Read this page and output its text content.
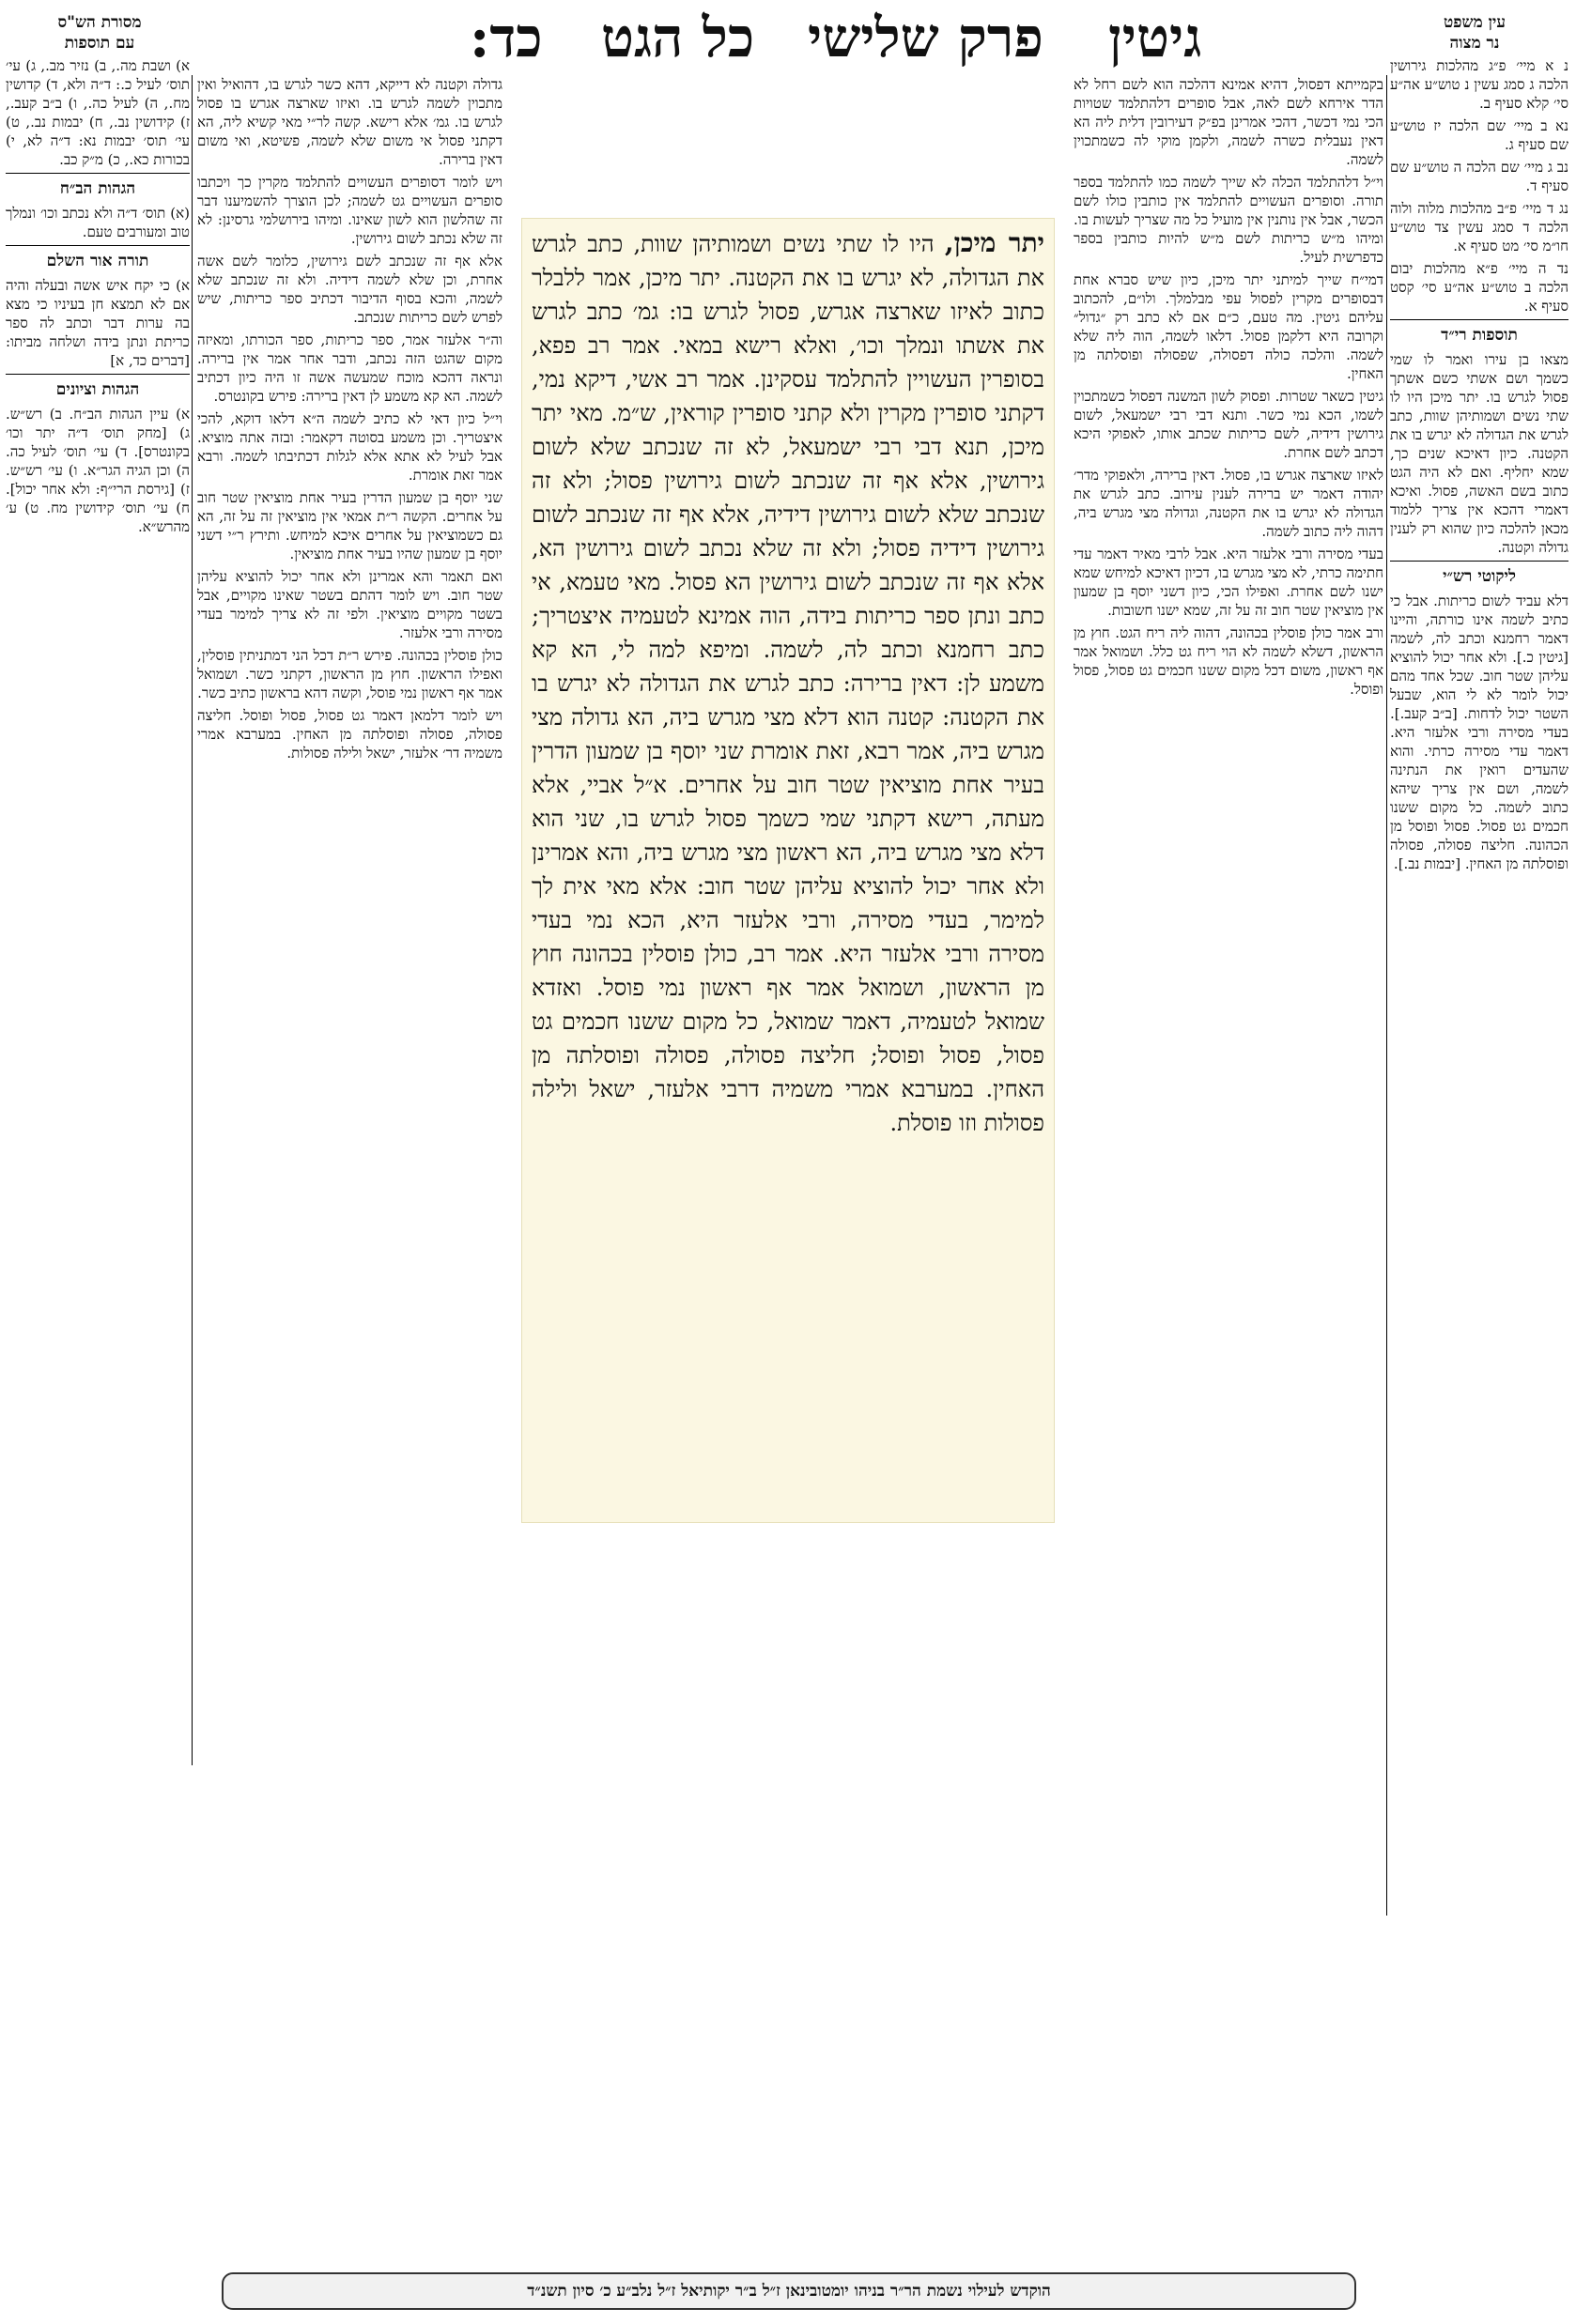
כד: כל הגט פרק שלישי גיטין	עין משפט
נר מצוה
מסורת הש"ס
עם תוספות

בקמייתא דפסול, דהיא אמינא דהלכה הוא לשם רחל לא הדר אירחא לשם לאה, אבל סופרים דלהתלמד שטויות הכי נמי דכשר, דהכי אמרינן בפ״ק דעירובין דלית ליה הא דאין נעבלית כשרה לשמה, ולקמן מוקי לה כשמתכוין לשמה.

וי״ל דלהתלמד הכלה לא שייך לשמה כמו להתלמד בספר תורה. וסופרים העשויים להתלמד אין כותבין כולו לשם הכשר, אבל אין נותנין אין מועיל כל מה שצריך לעשות בו. ומיהו מ״ש כריתות לשם מ״ש להיות כותבין בספר כדפרשית לעיל.

דמי״ח שייך למיתני יתר מיכן, כיון שיש סברא אחת דבסופרים מקרין לפסול עפי מבלמלך. ולו״ם, להכתוב עליהם גיטין. מה טעם, כ״ם אם לא כתב רק ״גדול״ וקרובה היא דלקמן פסול. דלאו לשמה, הוה ליה שלא לשמה. והלכה כולה דפסולה, שפסולה ופוסלתה מן האחין.

גיטין כשאר שטרות. ופסוק לשון המשנה דפסול כשמתכוין לשמו, הכא נמי כשר. ותנא דבי רבי ישמעאל, לשום גירושין דידיה, לשם כריתות שכתב אותו, לאפוקי היכא דכתב לשם אחרת.

לאיזו שארצה אגרש בו, פסול. דאין ברירה, ולאפוקי מדר׳ יהודה דאמר יש ברירה לענין עירוב. כתב לגרש את הגדולה לא יגרש בו את הקטנה, וגדולה מצי מגרש ביה, דהוה ליה כתוב לשמה.

בעדי מסירה ורבי אלעזר היא. אבל לרבי מאיר דאמר עדי חתימה כרתי, לא מצי מגרש בו, דכיון דאיכא למיחש שמא ישנו לשם אחרת. ואפילו הכי, כיון דשני יוסף בן שמעון אין מוציאין שטר חוב זה על זה, שמא ישנו חשובות.

ורב אמר כולן פוסלין בכהונה, דהוה ליה ריח הגט. חוץ מן הראשון, דשלא לשמה לא הוי ריח גט כלל. ושמואל אמר אף ראשון, משום דכל מקום ששנו חכמים גט פסול, פסול ופוסל.

גדולה וקטנה לא דייקא, דהא כשר לגרש בו, דהואיל ואין מתכוין לשמה לגרש בו. ואיזו שארצה אגרש בו פסול לגרש בו. גמ׳ אלא רישא. קשה לר״י מאי קשיא ליה, הא דקתני פסול אי משום שלא לשמה, פשיטא, ואי משום דאין ברירה.

ויש לומר דסופרים העשויים להתלמד מקרין כך ויכתבו סופרים העשויים גט לשמה; לכן הוצרך להשמיענו דבר זה שהלשון הוא לשון שאינו. ומיהו בירושלמי גרסינן: לא זה שלא נכתב לשום גירושין.

אלא אף זה שנכתב לשם גירושין, כלומר לשם אשה אחרת, וכן שלא לשמה דידיה. ולא זה שנכתב שלא לשמה, והכא בסוף הדיבור דכתיב ספר כריתות, שיש לפרש לשם כריתות שנכתב.

וה״ר אלעזר אמר, ספר כריתות, ספר הכורתו, ומאיזה מקום שהגט הזה נכתב, ודבר אחר אמר אין ברירה. ונראה דהכא מוכח שמעשה אשה זו היה כיון דכתיב לשמה. הא קא משמע לן דאין ברירה: פירש בקונטרס.

וי״ל כיון דאי לא כתיב לשמה ה״א דלאו דוקא, להכי איצטריך. וכן משמע בסוטה דקאמר: ובזה אתה מוציא. אבל לעיל לא אתא אלא לגלות דכתיבתו לשמה. ורבא אמר זאת אומרת.

שני יוסף בן שמעון הדרין בעיר אחת מוציאין שטר חוב על אחרים. הקשה ר״ת אמאי אין מוציאין זה על זה, הא גם כשמוציאין על אחרים איכא למיחש. ותירץ ר״י דשני יוסף בן שמעון שהיו בעיר אחת מוציאין.

ואם תאמר והא אמרינן ולא אחר יכול להוציא עליהן שטר חוב. ויש לומר דהתם בשטר שאינו מקויים, אבל בשטר מקויים מוציאין. ולפי זה לא צריך למימר בעדי מסירה ורבי אלעזר.

כולן פוסלין בכהונה. פירש ר״ת דכל הני דמתניתין פוסלין, ואפילו הראשון. חוץ מן הראשון, דקתני כשר. ושמואל אמר אף ראשון נמי פוסל, וקשה דהא בראשון כתיב כשר.

ויש לומר דלמאן דאמר גט פסול, פסול ופוסל. חליצה פסולה, פסולה ופוסלתה מן האחין. במערבא אמרי משמיה דר׳ אלעזר, ישאל ולילה פסולות.

יתר מיכן, היו לו שתי נשים ושמותיהן שוות, כתב לגרש את הגדולה, לא יגרש בו את הקטנה. יתר מיכן, אמר ללבלר כתוב לאיזו שארצה אגרש, פסול לגרש בו: גמ׳ כתב לגרש את אשתו ונמלך וכו׳, ואלא רישא במאי. אמר רב פפא, בסופרין העשויין להתלמד עסקינן. אמר רב אשי, דיקא נמי, דקתני סופרין מקרין ולא קתני סופרין קוראין, ש״מ. מאי יתר מיכן, תנא דבי רבי ישמעאל, לא זה שנכתב שלא לשום גירושין, אלא אף זה שנכתב לשום גירושין פסול; ולא זה שנכתב שלא לשום גירושין דידיה, אלא אף זה שנכתב לשום גירושין דידיה פסול; ולא זה שלא נכתב לשום גירושין הא, אלא אף זה שנכתב לשום גירושין הא פסול. מאי טעמא, אי כתב ונתן ספר כריתות בידה, הוה אמינא לטעמיה איצטריך; כתב רחמנא וכתב לה, לשמה. ומיפא למה לי, הא קא משמע לן: דאין ברירה: כתב לגרש את הגדולה לא יגרש בו את הקטנה: קטנה הוא דלא מצי מגרש ביה, הא גדולה מצי מגרש ביה, אמר רבא, זאת אומרת שני יוסף בן שמעון הדרין בעיר אחת מוציאין שטר חוב על אחרים. א״ל אביי, אלא מעתה, רישא דקתני שמי כשמך פסול לגרש בו, שני הוא דלא מצי מגרש ביה, הא ראשון מצי מגרש ביה, והא אמרינן ולא אחר יכול להוציא עליהן שטר חוב: אלא מאי אית לך למימר, בעדי מסירה, ורבי אלעזר היא, הכא נמי בעדי מסירה ורבי אלעזר היא. אמר רב, כולן פוסלין בכהונה חוץ מן הראשון, ושמואל אמר אף ראשון נמי פוסל. ואזדא שמואל לטעמיה, דאמר שמואל, כל מקום ששנו חכמים גט פסול, פסול ופוסל; חליצה פסולה, פסולה ופוסלתה מן האחין. במערבא אמרי משמיה דרבי אלעזר, ישאל ולילה פסולות וזו פוסלת.

נ א מיי׳ פ״ג מהלכות גירושין הלכה ג סמג עשין נ טוש״ע אה״ע סי׳ קלא סעיף ב.

נא ב מיי׳ שם הלכה יז טוש״ע שם סעיף ג.

נב ג מיי׳ שם הלכה ה טוש״ע שם סעיף ד.

נג ד מיי׳ פ״ב מהלכות מלוה ולוה הלכה ד סמג עשין צד טוש״ע חו״מ סי׳ מט סעיף א.

נד ה מיי׳ פ״א מהלכות יבום הלכה ב טוש״ע אה״ע סי׳ קסט סעיף א.

תוספות רי״ד

מצאו בן עירו ואמר לו שמי כשמך ושם אשתי כשם אשתך פסול לגרש בו. יתר מיכן היו לו שתי נשים ושמותיהן שוות, כתב לגרש את הגדולה לא יגרש בו את הקטנה. כיון דאיכא שנים כך, שמא יחליף. ואם לא היה הגט כתוב בשם האשה, פסול. ואיכא דאמרי דהכא אין צריך ללמוד מכאן להלכה כיון שהוא רק לענין גדולה וקטנה.

ליקוטי רש״י

דלא עביד לשום כריתות. אבל כי כתיב לשמה אינו כורתה, והיינו דאמר רחמנא וכתב לה, לשמה [גיטין כ.]. ולא אחר יכול להוציא עליהן שטר חוב. שכל אחד מהם יכול לומר לא לי הוא, שבעל השטר יכול לדחות. [ב״ב קעב.]. בעדי מסירה ורבי אלעזר היא. דאמר עדי מסירה כרתי. והוא שהעדים רואין את הנתינה לשמה, ושם אין צריך שיהא כתוב לשמה. כל מקום ששנו חכמים גט פסול. פסול ופוסל מן הכהונה. חליצה פסולה, פסולה ופוסלתה מן האחין. [יבמות נב.].

א) ושבת מה., ב) נזיר מב., ג) עי׳ תוס׳ לעיל כ.: ד״ה ולא, ד) קדושין מח., ה) לעיל כה., ו) ב״ב קעב., ז) קידושין נב., ח) יבמות נב., ט) עי׳ תוס׳ יבמות נא: ד״ה לא, י) בכורות כא., כ) מ״ק כב.

הגהות הב״ח

(א) תוס׳ ד״ה ולא נכתב וכו׳ ונמלך טוב ומעורבים טעם.

תורה אור השלם

א) כי יקח איש אשה ובעלה והיה אם לא תמצא חן בעיניו כי מצא בה ערות דבר וכתב לה ספר כריתת ונתן בידה ושלחה מביתו: [דברים כד, א]

הגהות וציונים

א) עיין הגהות הב״ח. ב) רש״ש. ג) [מחק תוס׳ ד״ה יתר וכו׳ בקונטרס]. ד) עי׳ תוס׳ לעיל כה. ה) וכן הגיה הגר״א. ו) עי׳ רש״ש. ז) [גירסת הרי״ף: ולא אחר יכול]. ח) עי׳ תוס׳ קידושין מח. ט) ע׳ מהרש״א.

הוקדש לעילוי נשמת הר״ר בניהו יומטובינאן ז״ל ב״ר יקותיאל ז״ל נלב״ע כ׳ סיון תשנ״ד
